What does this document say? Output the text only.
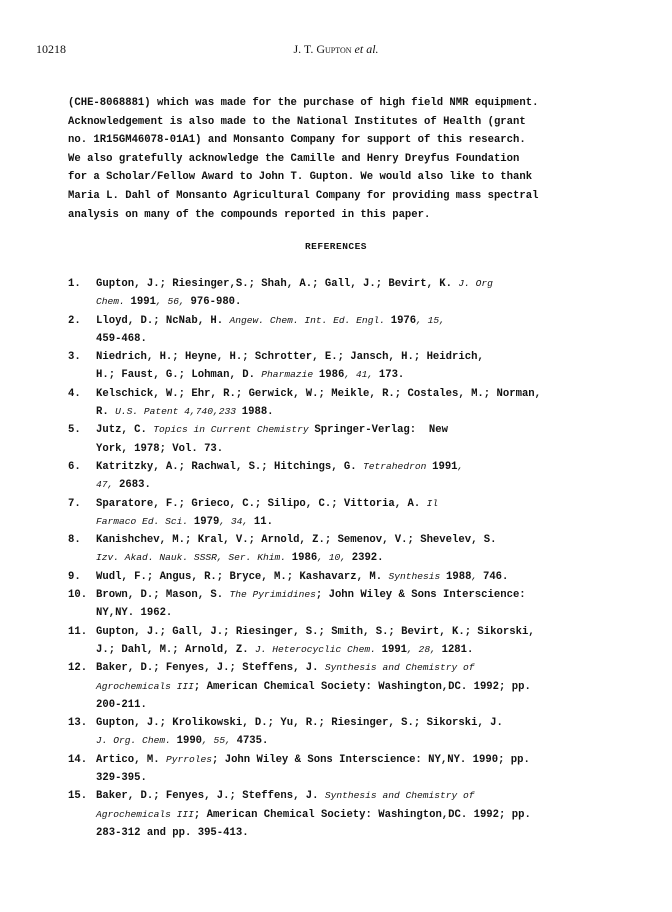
10218	J. T. Gupton et al.
(CHE-8068881) which was made for the purchase of high field NMR equipment.
Acknowledgement is also made to the National Institutes of Health (grant
no. 1R15GM46078-01A1) and Monsanto Company for support of this research.
We also gratefully acknowledge the Camille and Henry Dreyfus Foundation
for a Scholar/Fellow Award to John T. Gupton. We would also like to thank
Maria L. Dahl of Monsanto Agricultural Company for providing mass spectral
analysis on many of the compounds reported in this paper.
REFERENCES
1.	Gupton, J.; Riesinger,S.; Shah, A.; Gall, J.; Bevirt, K. J. Org
Chem. 1991, 56, 976-980.
2.	Lloyd, D.; NcNab, H. Angew. Chem. Int. Ed. Engl. 1976, 15,
459-468.
3.	Niedrich, H.; Heyne, H.; Schrotter, E.; Jansch, H.; Heidrich,
H.; Faust, G.; Lohman, D. Pharmazie 1986, 41, 173.
4.	Kelschick, W.; Ehr, R.; Gerwick, W.; Meikle, R.; Costales, M.; Norman,
R. U.S. Patent 4,740,233 1988.
5.	Jutz, C. Topics in Current Chemistry Springer-Verlag:  New
York, 1978; Vol. 73.
6.	Katritzky, A.; Rachwal, S.; Hitchings, G. Tetrahedron 1991,
47, 2683.
7.	Sparatore, F.; Grieco, C.; Silipo, C.; Vittoria, A. Il
Farmaco Ed. Sci. 1979, 34, 11.
8.	Kanishchev, M.; Kral, V.; Arnold, Z.; Semenov, V.; Shevelev, S.
Izv. Akad. Nauk. SSSR, Ser. Khim. 1986, 10, 2392.
9.	Wudl, F.; Angus, R.; Bryce, M.; Kashavarz, M. Synthesis 1988, 746.
10. Brown, D.; Mason, S. The Pyrimidines; John Wiley & Sons Interscience:
NY,NY. 1962.
11. Gupton, J.; Gall, J.; Riesinger, S.; Smith, S.; Bevirt, K.; Sikorski,
J.; Dahl, M.; Arnold, Z. J. Heterocyclic Chem. 1991, 28, 1281.
12. Baker, D.; Fenyes, J.; Steffens, J. Synthesis and Chemistry of
Agrochemicals III; American Chemical Society: Washington,DC. 1992; pp.
200-211.
13. Gupton, J.; Krolikowski, D.; Yu, R.; Riesinger, S.; Sikorski, J.
J. Org. Chem. 1990, 55, 4735.
14. Artico, M. Pyrroles; John Wiley & Sons Interscience: NY,NY. 1990; pp.
329-395.
15. Baker, D.; Fenyes, J.; Steffens, J. Synthesis and Chemistry of
Agrochemicals III; American Chemical Society: Washington,DC. 1992; pp.
283-312 and pp. 395-413.
